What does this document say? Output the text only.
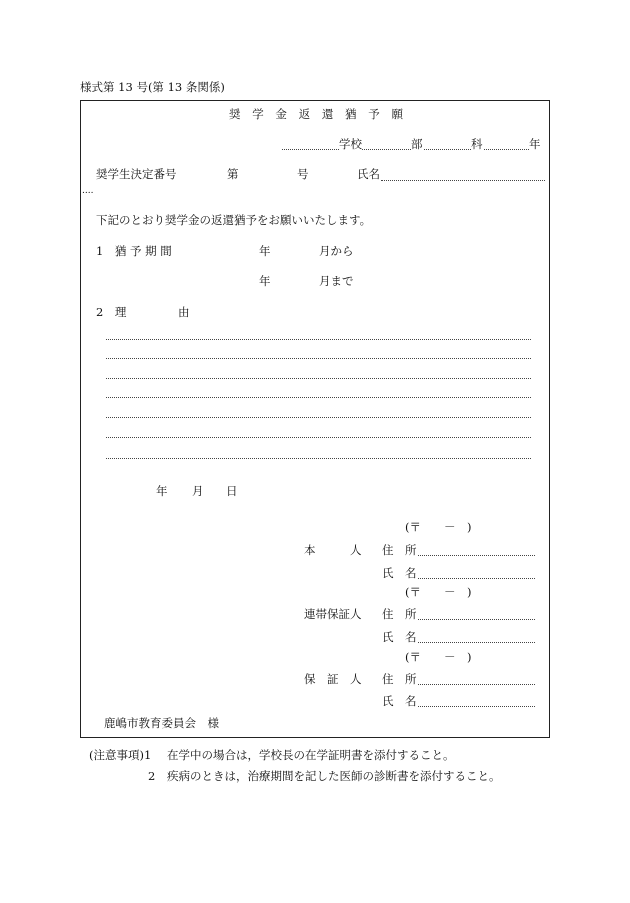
様式第 13 号(第 13 条関係)
奨 学 金 返 還 猶 予 願
学校	部	科	年
奨学生決定番号	第	号	氏名
....
下記のとおり奨学金の返還猶予をお願いいたします。
1　猶 予 期 間	年	月から
年	月まで
2　理	由
年 月 日
(〒　　－　)
本　　　人 住　所
氏　名
(〒　　－　)
連帯保証人 住　所
氏　名
(〒　　－　)
保　証　人 住　所
氏　名
鹿嶋市教育委員会　様
(注意事項)1 在学中の場合は，学校長の在学証明書を添付すること。
2 疾病のときは，治療期間を記した医師の診断書を添付すること。
